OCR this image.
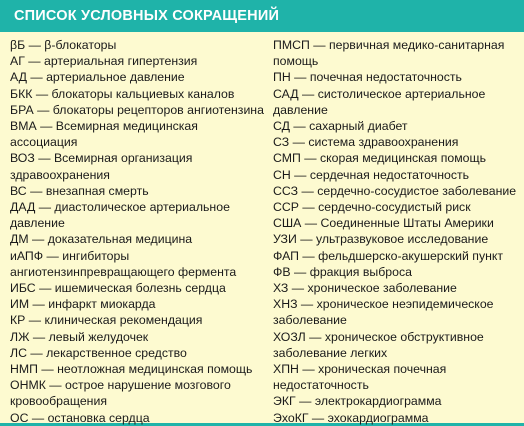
СПИСОК УСЛОВНЫХ СОКРАЩЕНИЙ
βБ — β-блокаторы
АГ — артериальная гипертензия
АД — артериальное давление
БКК — блокаторы кальциевых каналов
БРА — блокаторы рецепторов ангиотензина
ВМА — Всемирная медицинская ассоциация
ВОЗ — Всемирная организация здравоохранения
ВС — внезапная смерть
ДАД — диастолическое артериальное давление
ДМ — доказательная медицина
иАПФ — ингибиторы ангиотензинпревращающего фермента
ИБС — ишемическая болезнь сердца
ИМ — инфаркт миокарда
КР — клиническая рекомендация
ЛЖ — левый желудочек
ЛС — лекарственное средство
НМП — неотложная медицинская помощь
ОНМК — острое нарушение мозгового кровообращения
ОС — остановка сердца
ПМСП — первичная медико-санитарная помощь
ПН — почечная недостаточность
САД — систолическое артериальное давление
СД — сахарный диабет
СЗ — система здравоохранения
СМП — скорая медицинская помощь
СН — сердечная недостаточность
ССЗ — сердечно-сосудистое заболевание
ССР — сердечно-сосудистый риск
США — Соединенные Штаты Америки
УЗИ — ультразвуковое исследование
ФАП — фельдшерско-акушерский пункт
ФВ — фракция выброса
ХЗ — хроническое заболевание
ХНЗ — хроническое неэпидемическое заболевание
ХОЗЛ — хроническое обструктивное заболевание легких
ХПН — хроническая почечная недостаточность
ЭКГ — электрокардиограмма
ЭхоКГ — эхокардиограмма
